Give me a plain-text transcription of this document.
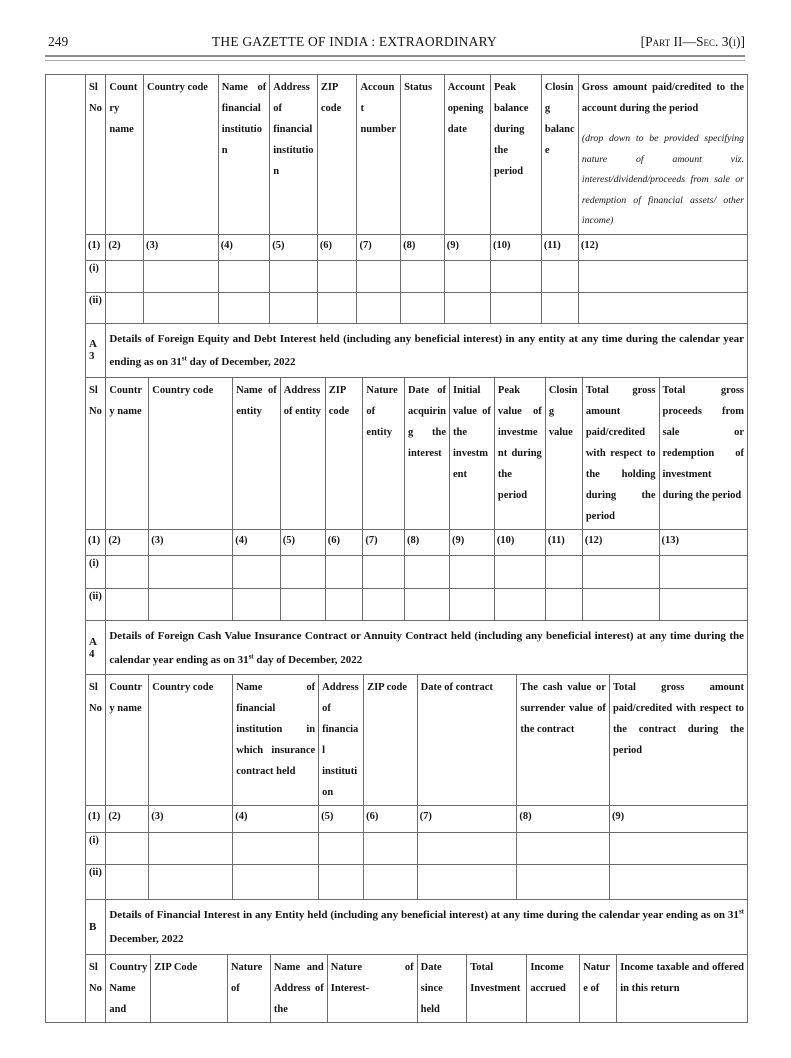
249	THE GAZETTE OF INDIA : EXTRAORDINARY	[Part II—Sec. 3(i)]
Sl No	Country name	Country code	Name of financial institution	Address of financial institution	ZIP code	Account number	Status	Account opening date	Peak balance during the period	Closing balance	Gross amount paid/credited to the account during the period
(drop down to be provided specifying nature of amount viz. interest/dividend/proceeds from sale or redemption of financial assets/ other income)

(1)	(2)	(3)	(4)	(5)	(6)	(7)	(8)	(9)	(10)	(11)	(12)
(i)											
(ii)											
A3	Details of Foreign Equity and Debt Interest held (including any beneficial interest) in any entity at any time during the calendar year ending as on 31st day of December, 2022											
Sl No	Country name	Country code	Name of entity	Address of entity	ZIP code	Nature of entity	Date of acquiring the interest	Initial value of the investment	Peak value of investment during the period	Closing value	Total gross amount paid/credited with respect to the holding during the period	Total gross proceeds from sale or redemption of investment during the period
(1)	(2)	(3)	(4)	(5)	(6)	(7)	(8)	(9)	(10)	(11)	(12)	(13)
(i)												
(ii)												
A4	Details of Foreign Cash Value Insurance Contract or Annuity Contract held (including any beneficial interest) at any time during the calendar year ending as on 31st day of December, 2022							
Sl No	Country name	Country code	Name of financial institution in which insurance contract held	Address of financial institution	ZIP code	Date of contract	The cash value or surrender value of the contract	Total gross amount paid/credited with respect to the contract during the period
(1)	(2)	(3)	(4)	(5)	(6)	(7)	(8)	(9)
(i)								
(ii)								
B	Details of Financial Interest in any Entity held (including any beneficial interest) at any time during the calendar year ending as on 31st December, 2022									
Sl No	Country Name and	ZIP Code	Nature of	Name and Address of the	Nature of Interest-	Date since held	Total Investment	Income accrued	Nature of	Income taxable and offered in this return
